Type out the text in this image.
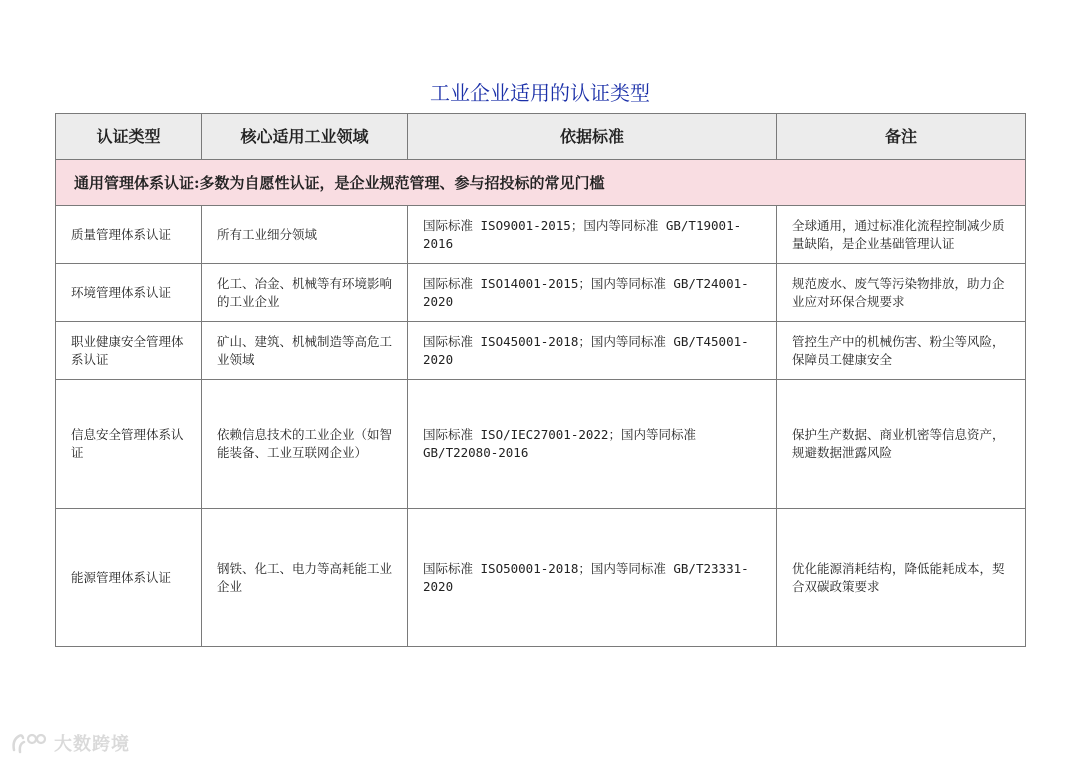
工业企业适用的认证类型
认证类型	核心适用工业领域	依据标准	备注
通用管理体系认证:多数为自愿性认证，是企业规范管理、参与招投标的常见门槛			
质量管理体系认证	所有工业细分领域	国际标准 ISO9001-2015；国内等同标准 GB/T19001-2016	全球通用，通过标准化流程控制减少质量缺陷，是企业基础管理认证
环境管理体系认证	化工、冶金、机械等有环境影响的工业企业	国际标准 ISO14001-2015；国内等同标准 GB/T24001-2020	规范废水、废气等污染物排放，助力企业应对环保合规要求
职业健康安全管理体系认证	矿山、建筑、机械制造等高危工业领域	国际标准 ISO45001-2018；国内等同标准 GB/T45001-2020	管控生产中的机械伤害、粉尘等风险，保障员工健康安全
信息安全管理体系认证	依赖信息技术的工业企业（如智能装备、工业互联网企业）	国际标准 ISO/IEC27001-2022；国内等同标准 GB/T22080-2016	保护生产数据、商业机密等信息资产，规避数据泄露风险
能源管理体系认证	钢铁、化工、电力等高耗能工业企业	国际标准 ISO50001-2018；国内等同标准 GB/T23331-2020	优化能源消耗结构，降低能耗成本，契合双碳政策要求
大数跨境
